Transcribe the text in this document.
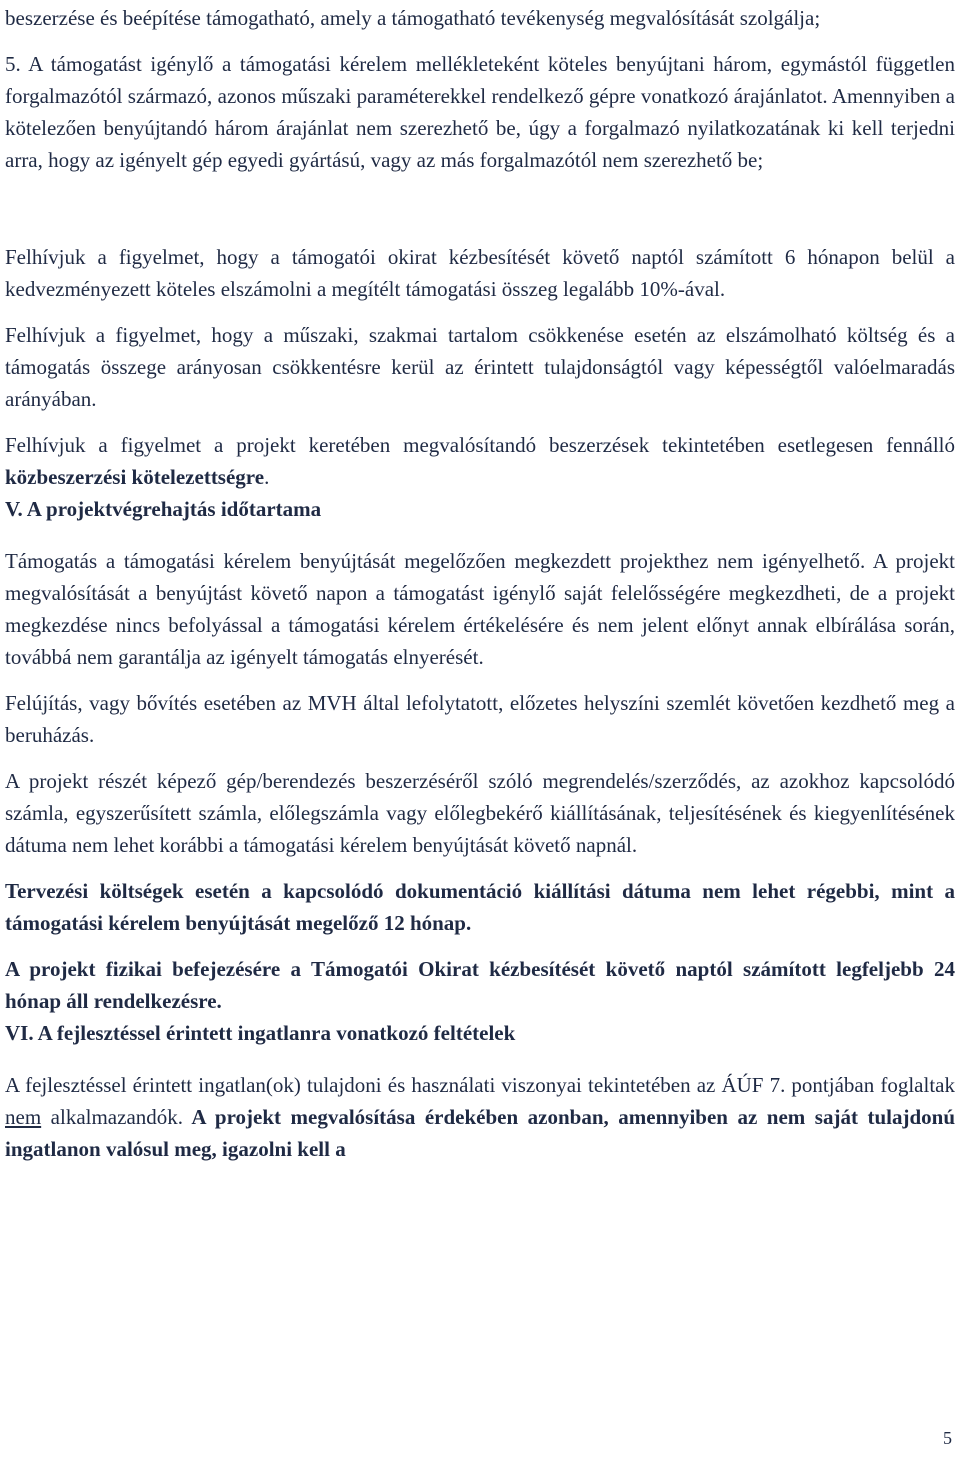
beszerzése és beépítése támogatható, amely a támogatható tevékenység megvalósítását szolgálja;

5. A támogatást igénylő a támogatási kérelem mellékleteként köteles benyújtani három, egymástól független forgalmazótól származó, azonos műszaki paraméterekkel rendelkező gépre vonatkozó árajánlatot. Amennyiben a kötelezően benyújtandó három árajánlat nem szerezhető be, úgy a forgalmazó nyilatkozatának ki kell terjedni arra, hogy az igényelt gép egyedi gyártású, vagy az más forgalmazótól nem szerezhető be;

Felhívjuk a figyelmet, hogy a támogatói okirat kézbesítését követő naptól számított 6 hónapon belül a kedvezményezett köteles elszámolni a megítélt támogatási összeg legalább 10%-ával.

Felhívjuk a figyelmet, hogy a műszaki, szakmai tartalom csökkenése esetén az elszámolható költség és a támogatás összege arányosan csökkentésre kerül az érintett tulajdonságtól vagy képességtől valóelmaradás arányában.

Felhívjuk a figyelmet a projekt keretében megvalósítandó beszerzések tekintetében esetlegesen fennálló közbeszerzési kötelezettségre.

V. A projektvégrehajtás időtartama

Támogatás a támogatási kérelem benyújtását megelőzően megkezdett projekthez nem igényelhető. A projekt megvalósítását a benyújtást követő napon a támogatást igénylő saját felelősségére megkezdheti, de a projekt megkezdése nincs befolyással a támogatási kérelem értékelésére és nem jelent előnyt annak elbírálása során, továbbá nem garantálja az igényelt támogatás elnyerését.

Felújítás, vagy bővítés esetében az MVH által lefolytatott, előzetes helyszíni szemlét követően kezdhető meg a beruházás.

A projekt részét képező gép/berendezés beszerzéséről szóló megrendelés/szerződés, az azokhoz kapcsolódó számla, egyszerűsített számla, előlegszámla vagy előlegbekérő kiállításának, teljesítésének és kiegyenlítésének dátuma nem lehet korábbi a támogatási kérelem benyújtását követő napnál.

Tervezési költségek esetén a kapcsolódó dokumentáció kiállítási dátuma nem lehet régebbi, mint a támogatási kérelem benyújtását megelőző 12 hónap.

A projekt fizikai befejezésére a Támogatói Okirat kézbesítését követő naptól számított legfeljebb 24 hónap áll rendelkezésre.

VI. A fejlesztéssel érintett ingatlanra vonatkozó feltételek

A fejlesztéssel érintett ingatlan(ok) tulajdoni és használati viszonyai tekintetében az ÁÚF 7. pontjában foglaltak nem alkalmazandók. A projekt megvalósítása érdekében azonban, amennyiben az nem saját tulajdonú ingatlanon valósul meg, igazolni kell a

5
